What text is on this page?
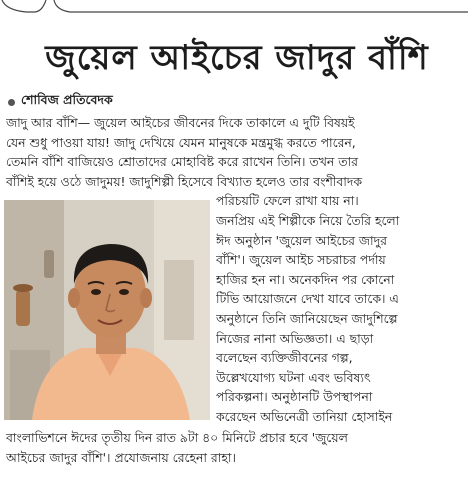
জুয়েল আইচের জাদুর বাঁশি
শোবিজ প্রতিবেদক
জাদু আর বাঁশি— জুয়েল আইচের জীবনের দিকে তাকালে এ দুটি বিষয়ই
যেন শুধু পাওয়া যায়! জাদু দেখিয়ে যেমন মানুষকে মন্ত্রমুগ্ধ করতে পারেন,
তেমনি বাঁশি বাজিয়েও শ্রোতাদের মোহাবিষ্ট করে রাখেন তিনি। তখন তার
বাঁশিই হয়ে ওঠে জাদুময়! জাদুশিল্পী হিসেবে বিখ্যাত হলেও তার বংশীবাদক
পরিচয়টি ফেলে রাখা যায় না।
জনপ্রিয় এই শিল্পীকে নিয়ে তৈরি হলো
ঈদ অনুষ্ঠান 'জুয়েল আইচের জাদুর
বাঁশি'। জুয়েল আইচ সচরাচর পর্দায়
হাজির হন না। অনেকদিন পর কোনো
টিভি আয়োজনে দেখা যাবে তাকে। এ
অনুষ্ঠানে তিনি জানিয়েছেন জাদুশিল্পে
নিজের নানা অভিজ্ঞতা। এ ছাড়া
বলেছেন ব্যক্তিজীবনের গল্প,
উল্লেখযোগ্য ঘটনা এবং ভবিষ্যৎ
পরিকল্পনা। অনুষ্ঠানটি উপস্থাপনা
করেছেন অভিনেত্রী তানিয়া হোসাইন
বাংলাভিশনে ঈদের তৃতীয় দিন রাত ৯টা ৪০ মিনিটে প্রচার হবে 'জুয়েল
আইচের জাদুর বাঁশি'। প্রযোজনায় রেহেনা রাহা।
